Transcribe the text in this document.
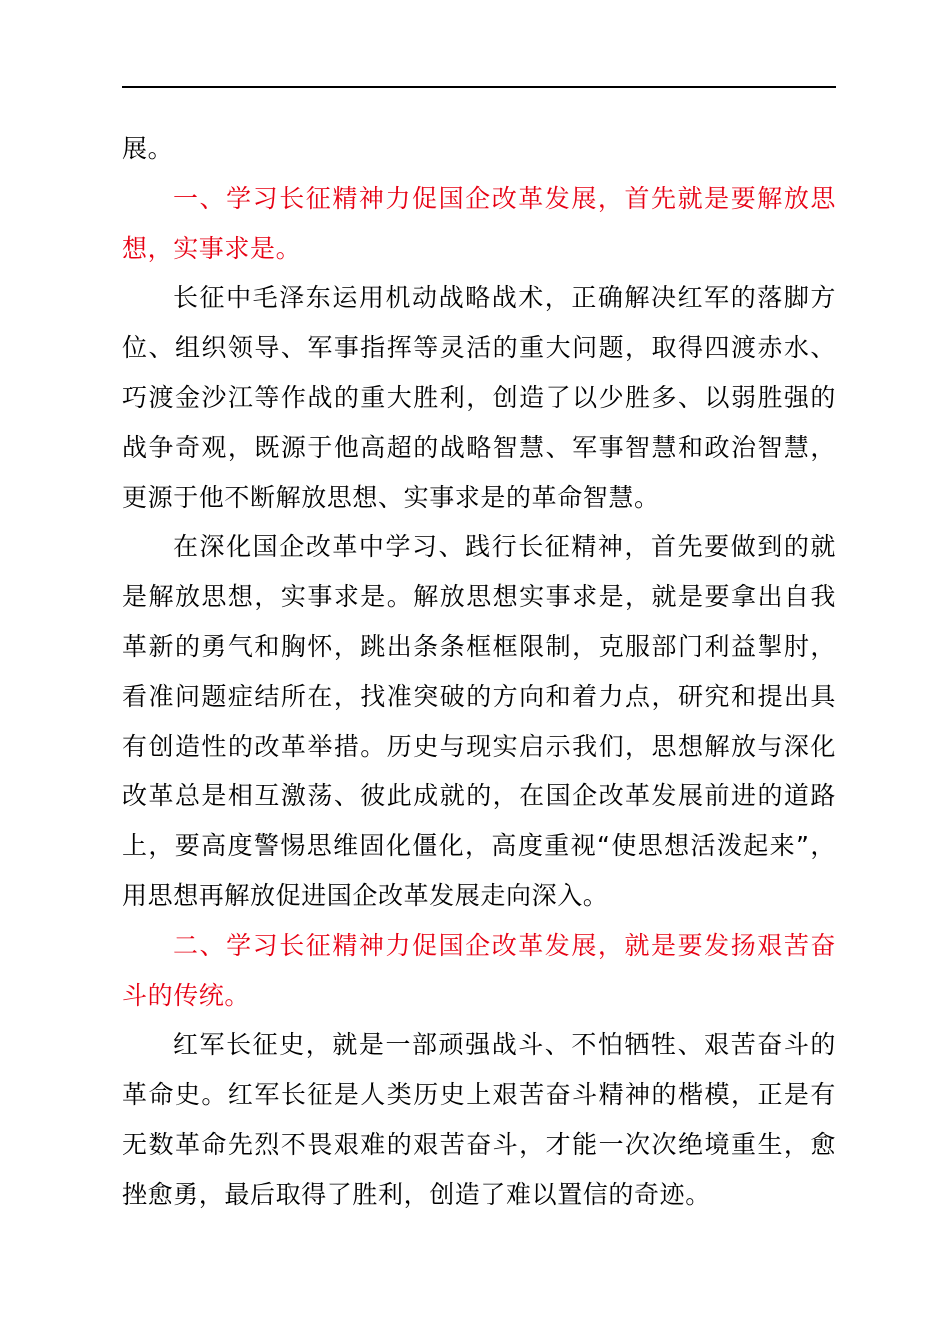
展。

一、学习长征精神力促国企改革发展，首先就是要解放思想，实事求是。

长征中毛泽东运用机动战略战术，正确解决红军的落脚方位、组织领导、军事指挥等灵活的重大问题，取得四渡赤水、巧渡金沙江等作战的重大胜利，创造了以少胜多、以弱胜强的战争奇观，既源于他高超的战略智慧、军事智慧和政治智慧，更源于他不断解放思想、实事求是的革命智慧。

在深化国企改革中学习、践行长征精神，首先要做到的就是解放思想，实事求是。解放思想实事求是，就是要拿出自我革新的勇气和胸怀，跳出条条框框限制，克服部门利益掣肘，看准问题症结所在，找准突破的方向和着力点，研究和提出具有创造性的改革举措。历史与现实启示我们，思想解放与深化改革总是相互激荡、彼此成就的，在国企改革发展前进的道路上，要高度警惕思维固化僵化，高度重视“使思想活泼起来”，用思想再解放促进国企改革发展走向深入。

二、学习长征精神力促国企改革发展，就是要发扬艰苦奋斗的传统。

红军长征史，就是一部顽强战斗、不怕牺牲、艰苦奋斗的革命史。红军长征是人类历史上艰苦奋斗精神的楷模，正是有无数革命先烈不畏艰难的艰苦奋斗，才能一次次绝境重生，愈挫愈勇，最后取得了胜利，创造了难以置信的奇迹。
